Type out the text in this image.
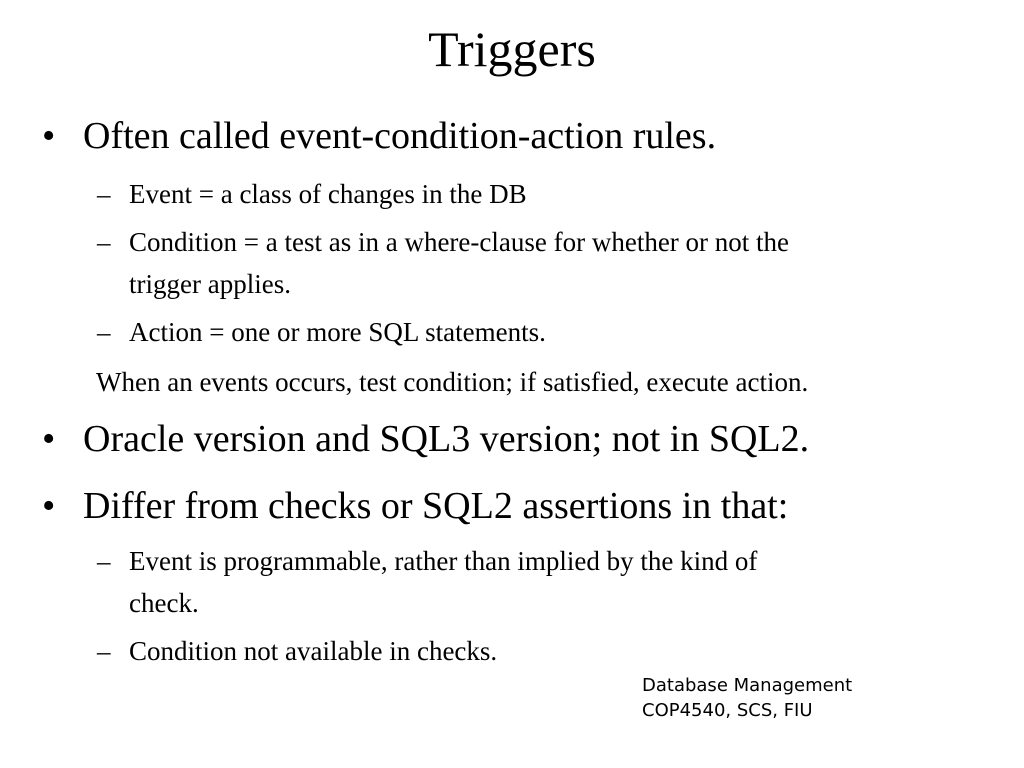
Triggers
• Often called event-condition-action rules.
– Event = a class of changes in the DB
– Condition = a test as in a where-clause for whether or not the
trigger applies.
– Action = one or more SQL statements.
When an events occurs, test condition; if satisfied, execute action.
• Oracle version and SQL3 version; not in SQL2.
• Differ from checks or SQL2 assertions in that:
– Event is programmable, rather than implied by the kind of
check.
– Condition not available in checks.
Database Management
COP4540, SCS, FIU
